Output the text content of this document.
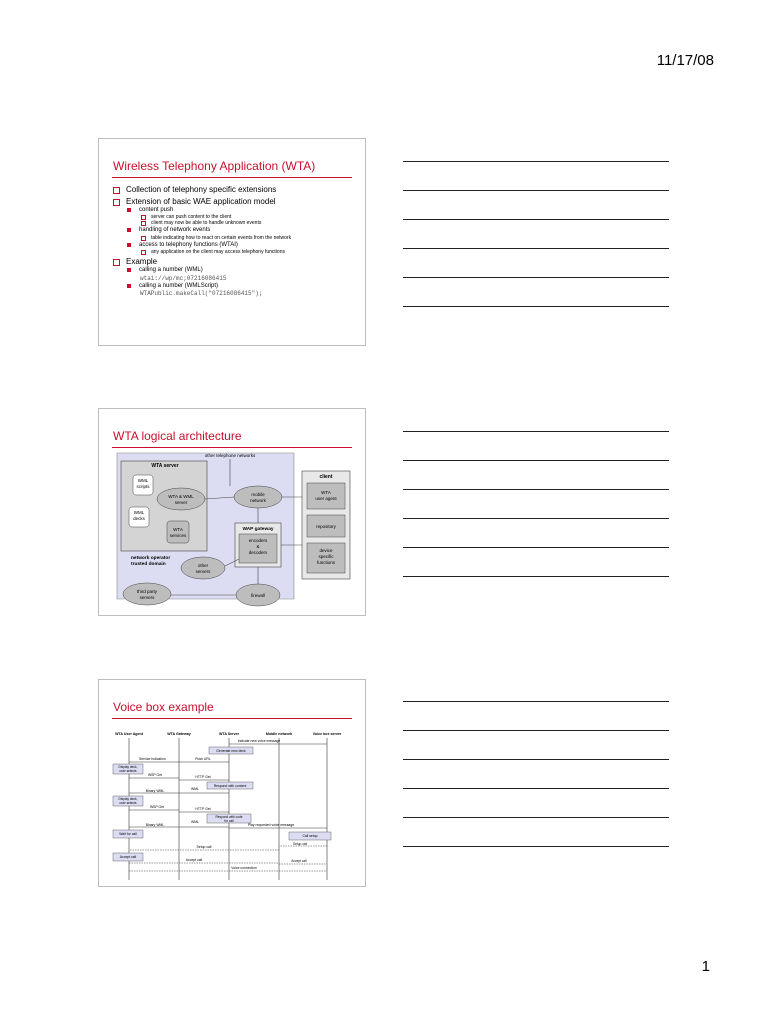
11/17/08
1
Wireless Telephony Application (WTA)
Collection of telephony specific extensions
Extension of basic WAE application model
content push
server can push content to the client
client may now be able to handle unknown events
handling of network events
table indicating how to react on certain events from the network
access to telephony functions (WTAI)
any application on the client may access telephony functions
Example
calling a number (WML)
wtai://wp/mc;07216086415
calling a number (WMLScript)
WTAPublic.makeCall("07216086415");
WTA logical architecture
other telephone networks
WTA server
WML
scripts
WML
decks
WTA & WML
server
WTA
services
mobile
network
WAP gateway
encoders
&
decoders
other
servers
network operator
trusted domain
third party
servers	firewall
client
WTA
user agent
repository
device
specific
functions
Voice box example
WTA User Agent	WTA Gateway	WTA Server	Mobile network	Voice box server
Indicate new voice message
Generate new deck
Service Indication	Push URL
Display deck,
user selects
WSP Get	HTTP Get
Respond with content
Binary WML	WML
Display deck,
user selects
WSP Get	HTTP Get
Respond with code
for call
Binary WML
WML
Play requested voice message
Wait for call	Call setup
Setup call
Setup call
Accept call
Accept call	Accept call
Voice connection
